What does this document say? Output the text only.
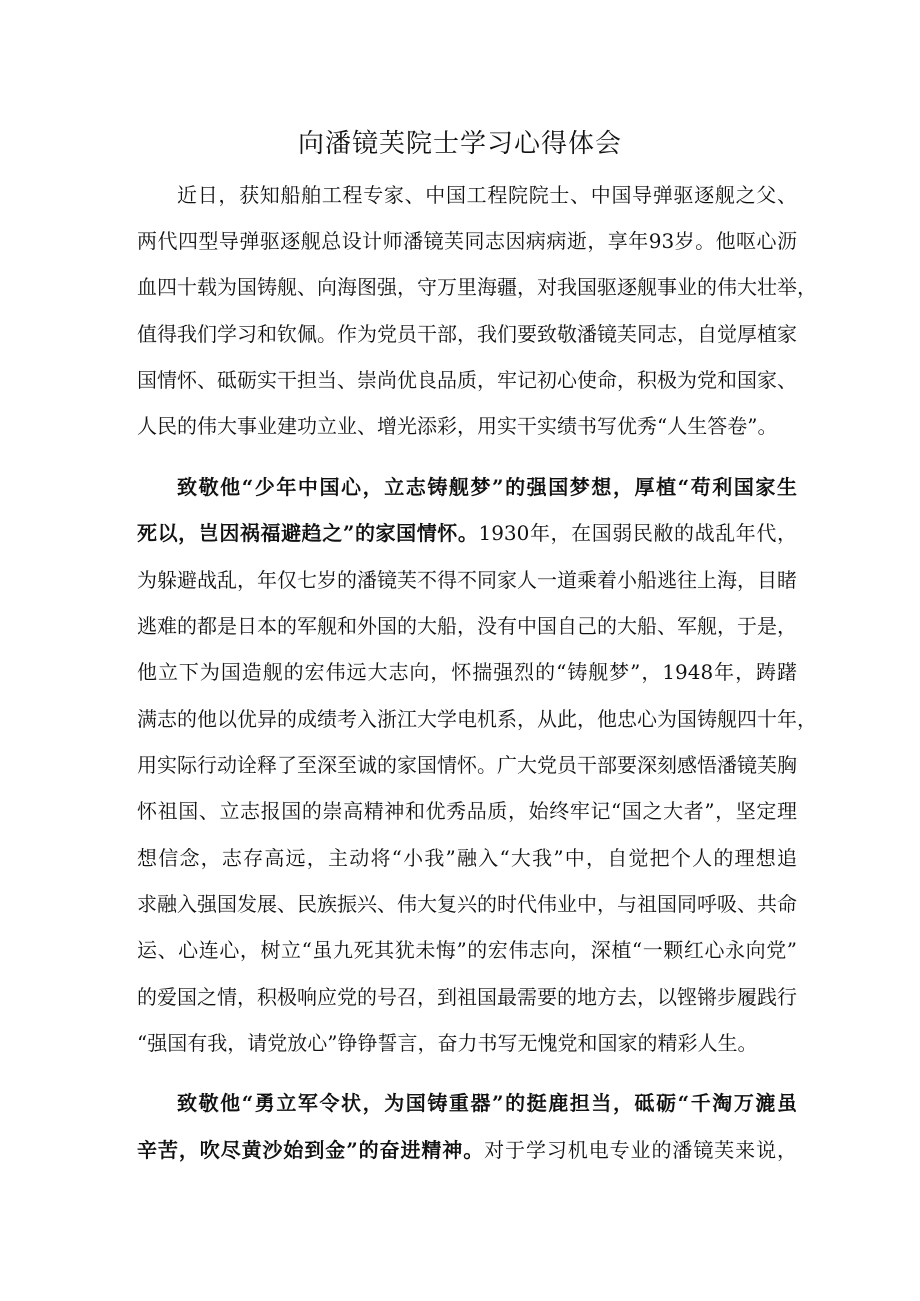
向潘镜芙院士学习心得体会

近日，获知船舶工程专家、中国工程院院士、中国导弹驱逐舰之父、

两代四型导弹驱逐舰总设计师潘镜芙同志因病病逝，享年93岁。他呕心沥

血四十载为国铸舰、向海图强，守万里海疆，对我国驱逐舰事业的伟大壮举，

值得我们学习和钦佩。作为党员干部，我们要致敬潘镜芙同志，自觉厚植家

国情怀、砥砺实干担当、崇尚优良品质，牢记初心使命，积极为党和国家、

人民的伟大事业建功立业、增光添彩，用实干实绩书写优秀“人生答卷”。

致敬他“少年中国心，立志铸舰梦”的强国梦想，厚植“苟利国家生

死以，岂因祸福避趋之”的家国情怀。1930年，在国弱民敝的战乱年代，

为躲避战乱，年仅七岁的潘镜芙不得不同家人一道乘着小船逃往上海，目睹

逃难的都是日本的军舰和外国的大船，没有中国自己的大船、军舰，于是，

他立下为国造舰的宏伟远大志向，怀揣强烈的“铸舰梦”，1948年，踌躇

满志的他以优异的成绩考入浙江大学电机系，从此，他忠心为国铸舰四十年，

用实际行动诠释了至深至诚的家国情怀。广大党员干部要深刻感悟潘镜芙胸

怀祖国、立志报国的崇高精神和优秀品质，始终牢记“国之大者”，坚定理

想信念，志存高远，主动将“小我”融入“大我”中，自觉把个人的理想追

求融入强国发展、民族振兴、伟大复兴的时代伟业中，与祖国同呼吸、共命

运、心连心，树立“虽九死其犹未悔”的宏伟志向，深植“一颗红心永向党”

的爱国之情，积极响应党的号召，到祖国最需要的地方去，以铿锵步履践行

“强国有我，请党放心”铮铮誓言，奋力书写无愧党和国家的精彩人生。

致敬他“勇立军令状，为国铸重器”的挺鹿担当，砥砺“千淘万漉虽

辛苦，吹尽黄沙始到金”的奋进精神。对于学习机电专业的潘镜芙来说，
